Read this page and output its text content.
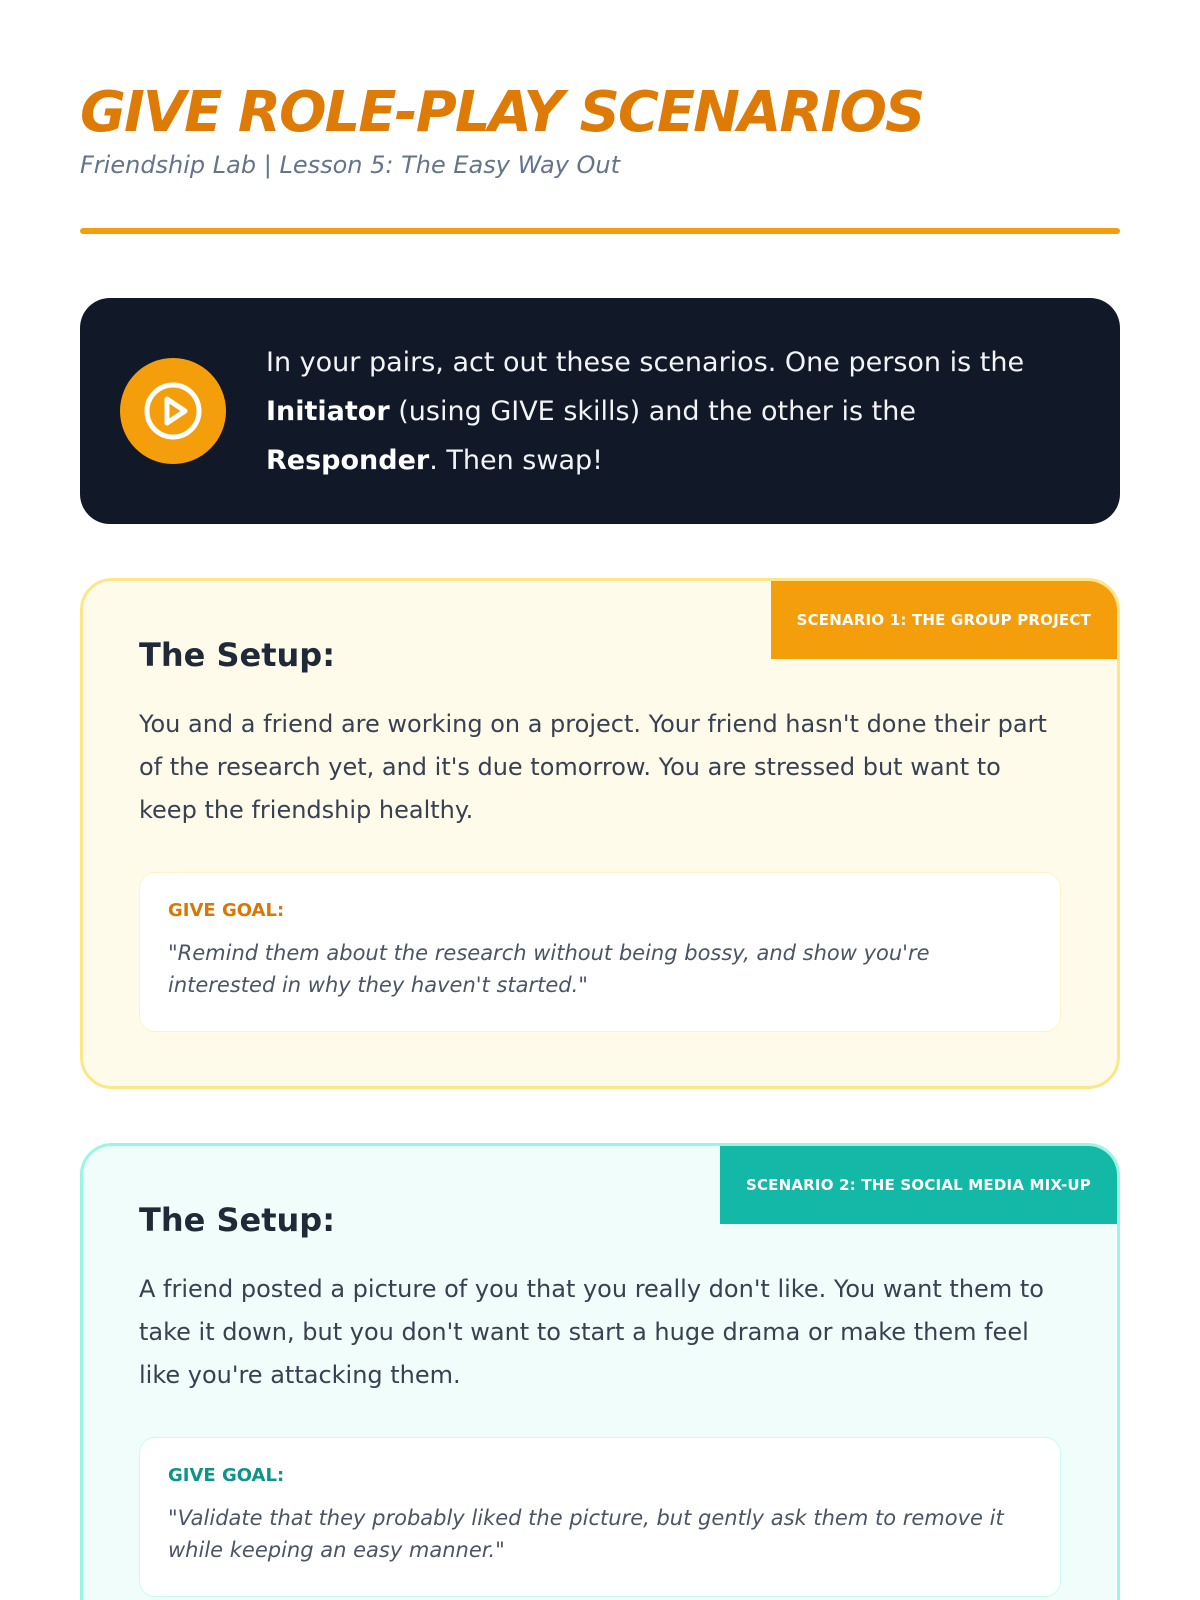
GIVE ROLE-PLAY SCENARIOS
Friendship Lab | Lesson 5: The Easy Way Out
In your pairs, act out these scenarios. One person is the Initiator (using GIVE skills) and the other is the Responder. Then swap!
SCENARIO 1: THE GROUP PROJECT
The Setup:
You and a friend are working on a project. Your friend hasn't done their part of the research yet, and it's due tomorrow. You are stressed but want to keep the friendship healthy.
GIVE GOAL:
"Remind them about the research without being bossy, and show you're interested in why they haven't started."
SCENARIO 2: THE SOCIAL MEDIA MIX-UP
The Setup:
A friend posted a picture of you that you really don't like. You want them to take it down, but you don't want to start a huge drama or make them feel like you're attacking them.
GIVE GOAL:
"Validate that they probably liked the picture, but gently ask them to remove it while keeping an easy manner."
